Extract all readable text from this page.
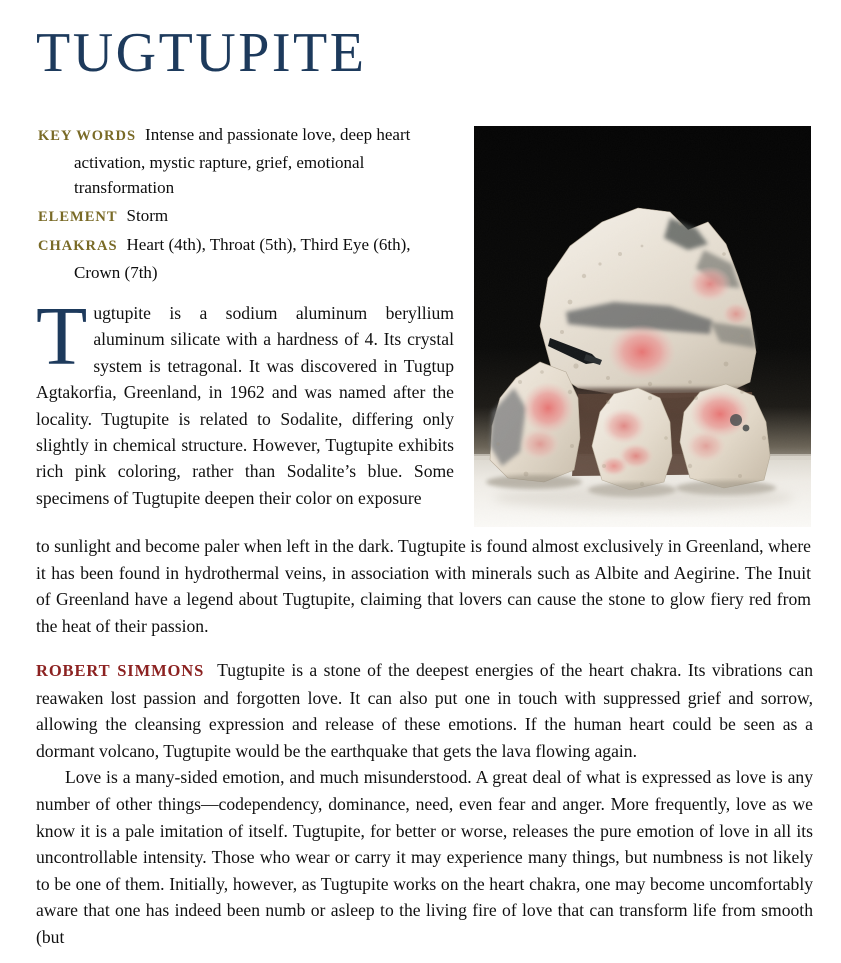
TUGTUPITE
KEY WORDS Intense and passionate love, deep heart activation, mystic rapture, grief, emotional transformation
ELEMENT Storm
CHAKRAS Heart (4th), Throat (5th), Third Eye (6th), Crown (7th)
Tugtupite is a sodium aluminum beryllium aluminum silicate with a hardness of 4. Its crystal system is tetragonal. It was discovered in Tugtup Agtakorfia, Greenland, in 1962 and was named after the locality. Tugtupite is related to Sodalite, differing only slightly in chemical structure. However, Tugtupite exhibits rich pink coloring, rather than Sodalite’s blue. Some specimens of Tugtupite deepen their color on exposure

to sunlight and become paler when left in the dark. Tugtupite is found almost exclusively in Greenland, where it has been found in hydrothermal veins, in association with minerals such as Albite and Aegirine. The Inuit of Greenland have a legend about Tugtupite, claiming that lovers can cause the stone to glow fiery red from the heat of their passion.

ROBERT SIMMONS Tugtupite is a stone of the deepest energies of the heart chakra. Its vibrations can reawaken lost passion and forgotten love. It can also put one in touch with suppressed grief and sorrow, allowing the cleansing expression and release of these emotions. If the human heart could be seen as a dormant volcano, Tugtupite would be the earthquake that gets the lava flowing again.

Love is a many-sided emotion, and much misunderstood. A great deal of what is expressed as love is any number of other things—codependency, dominance, need, even fear and anger. More frequently, love as we know it is a pale imitation of itself. Tugtupite, for better or worse, releases the pure emotion of love in all its uncontrollable intensity. Those who wear or carry it may experience many things, but numbness is not likely to be one of them. Initially, however, as Tugtupite works on the heart chakra, one may become uncomfortably aware that one has indeed been numb or asleep to the living fire of love that can transform life from smooth (but
